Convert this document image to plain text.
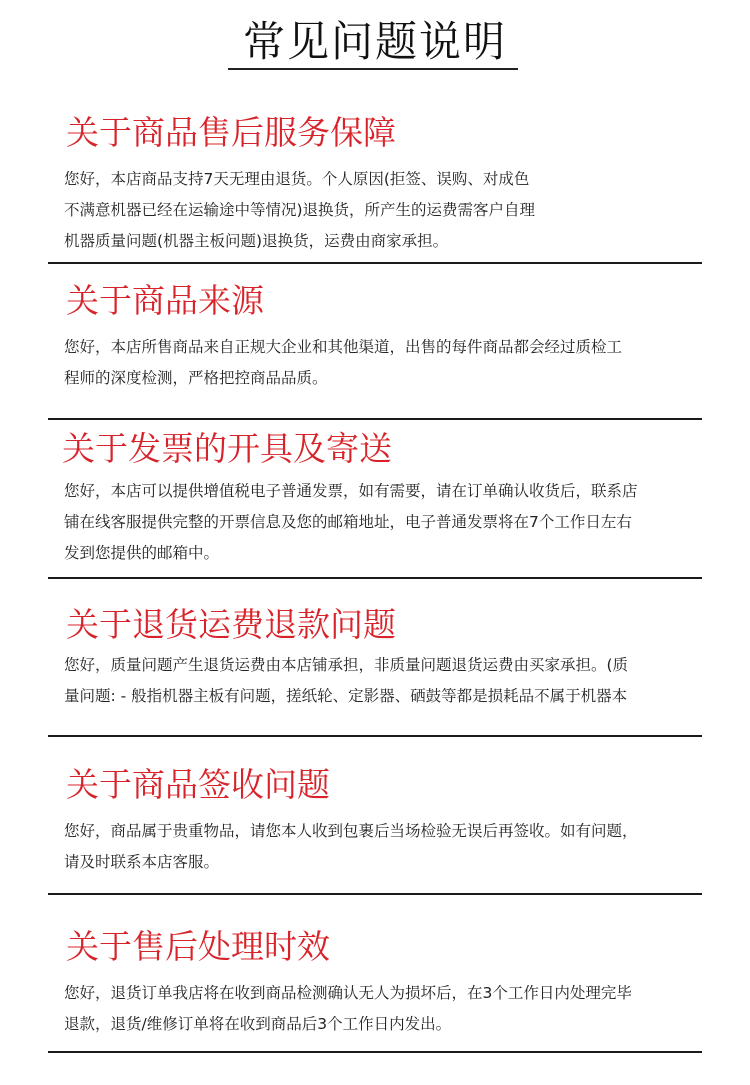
常见问题说明
关于商品售后服务保障
您好，本店商品支持7天无理由退货。个人原因(拒签、误购、对成色
不满意机器已经在运输途中等情况)退换货，所产生的运费需客户自理
机器质量问题(机器主板问题)退换货，运费由商家承担。
关于商品来源
您好，本店所售商品来自正规大企业和其他渠道，出售的每件商品都会经过质检工
程师的深度检测，严格把控商品品质。
关于发票的开具及寄送
您好，本店可以提供增值税电子普通发票，如有需要，请在订单确认收货后，联系店
铺在线客服提供完整的开票信息及您的邮箱地址，电子普通发票将在7个工作日左右
发到您提供的邮箱中。
关于退货运费退款问题
您好，质量问题产生退货运费由本店铺承担，非质量问题退货运费由买家承担。(质
量问题: - 般指机器主板有问题，搓纸轮、定影器、硒鼓等都是损耗品不属于机器本
关于商品签收问题
您好，商品属于贵重物品，请您本人收到包裹后当场检验无误后再签收。如有问题，
请及时联系本店客服。
关于售后处理时效
您好，退货订单我店将在收到商品检测确认无人为损坏后，在3个工作日内处理完毕
退款，退货/维修订单将在收到商品后3个工作日内发出。
